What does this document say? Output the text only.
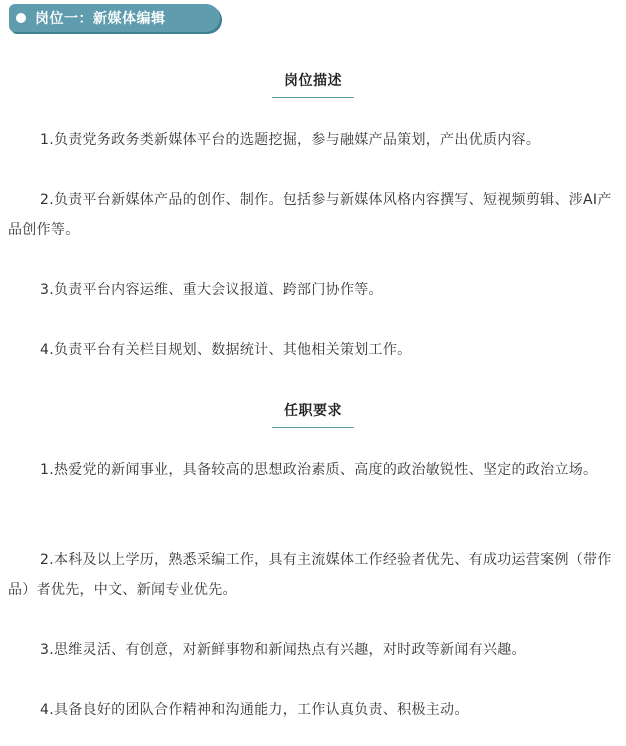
岗位一：新媒体编辑
岗位描述

1.负责党务政务类新媒体平台的选题挖掘，参与融媒产品策划，产出优质内容。

2.负责平台新媒体产品的创作、制作。包括参与新媒体风格内容撰写、短视频剪辑、涉AI产品创作等。

3.负责平台内容运维、重大会议报道、跨部门协作等。

4.负责平台有关栏目规划、数据统计、其他相关策划工作。

任职要求

1.热爱党的新闻事业，具备较高的思想政治素质、高度的政治敏锐性、坚定的政治立场。

2.本科及以上学历，熟悉采编工作，具有主流媒体工作经验者优先、有成功运营案例（带作品）者优先，中文、新闻专业优先。

3.思维灵活、有创意，对新鲜事物和新闻热点有兴趣，对时政等新闻有兴趣。

4.具备良好的团队合作精神和沟通能力，工作认真负责、积极主动。
